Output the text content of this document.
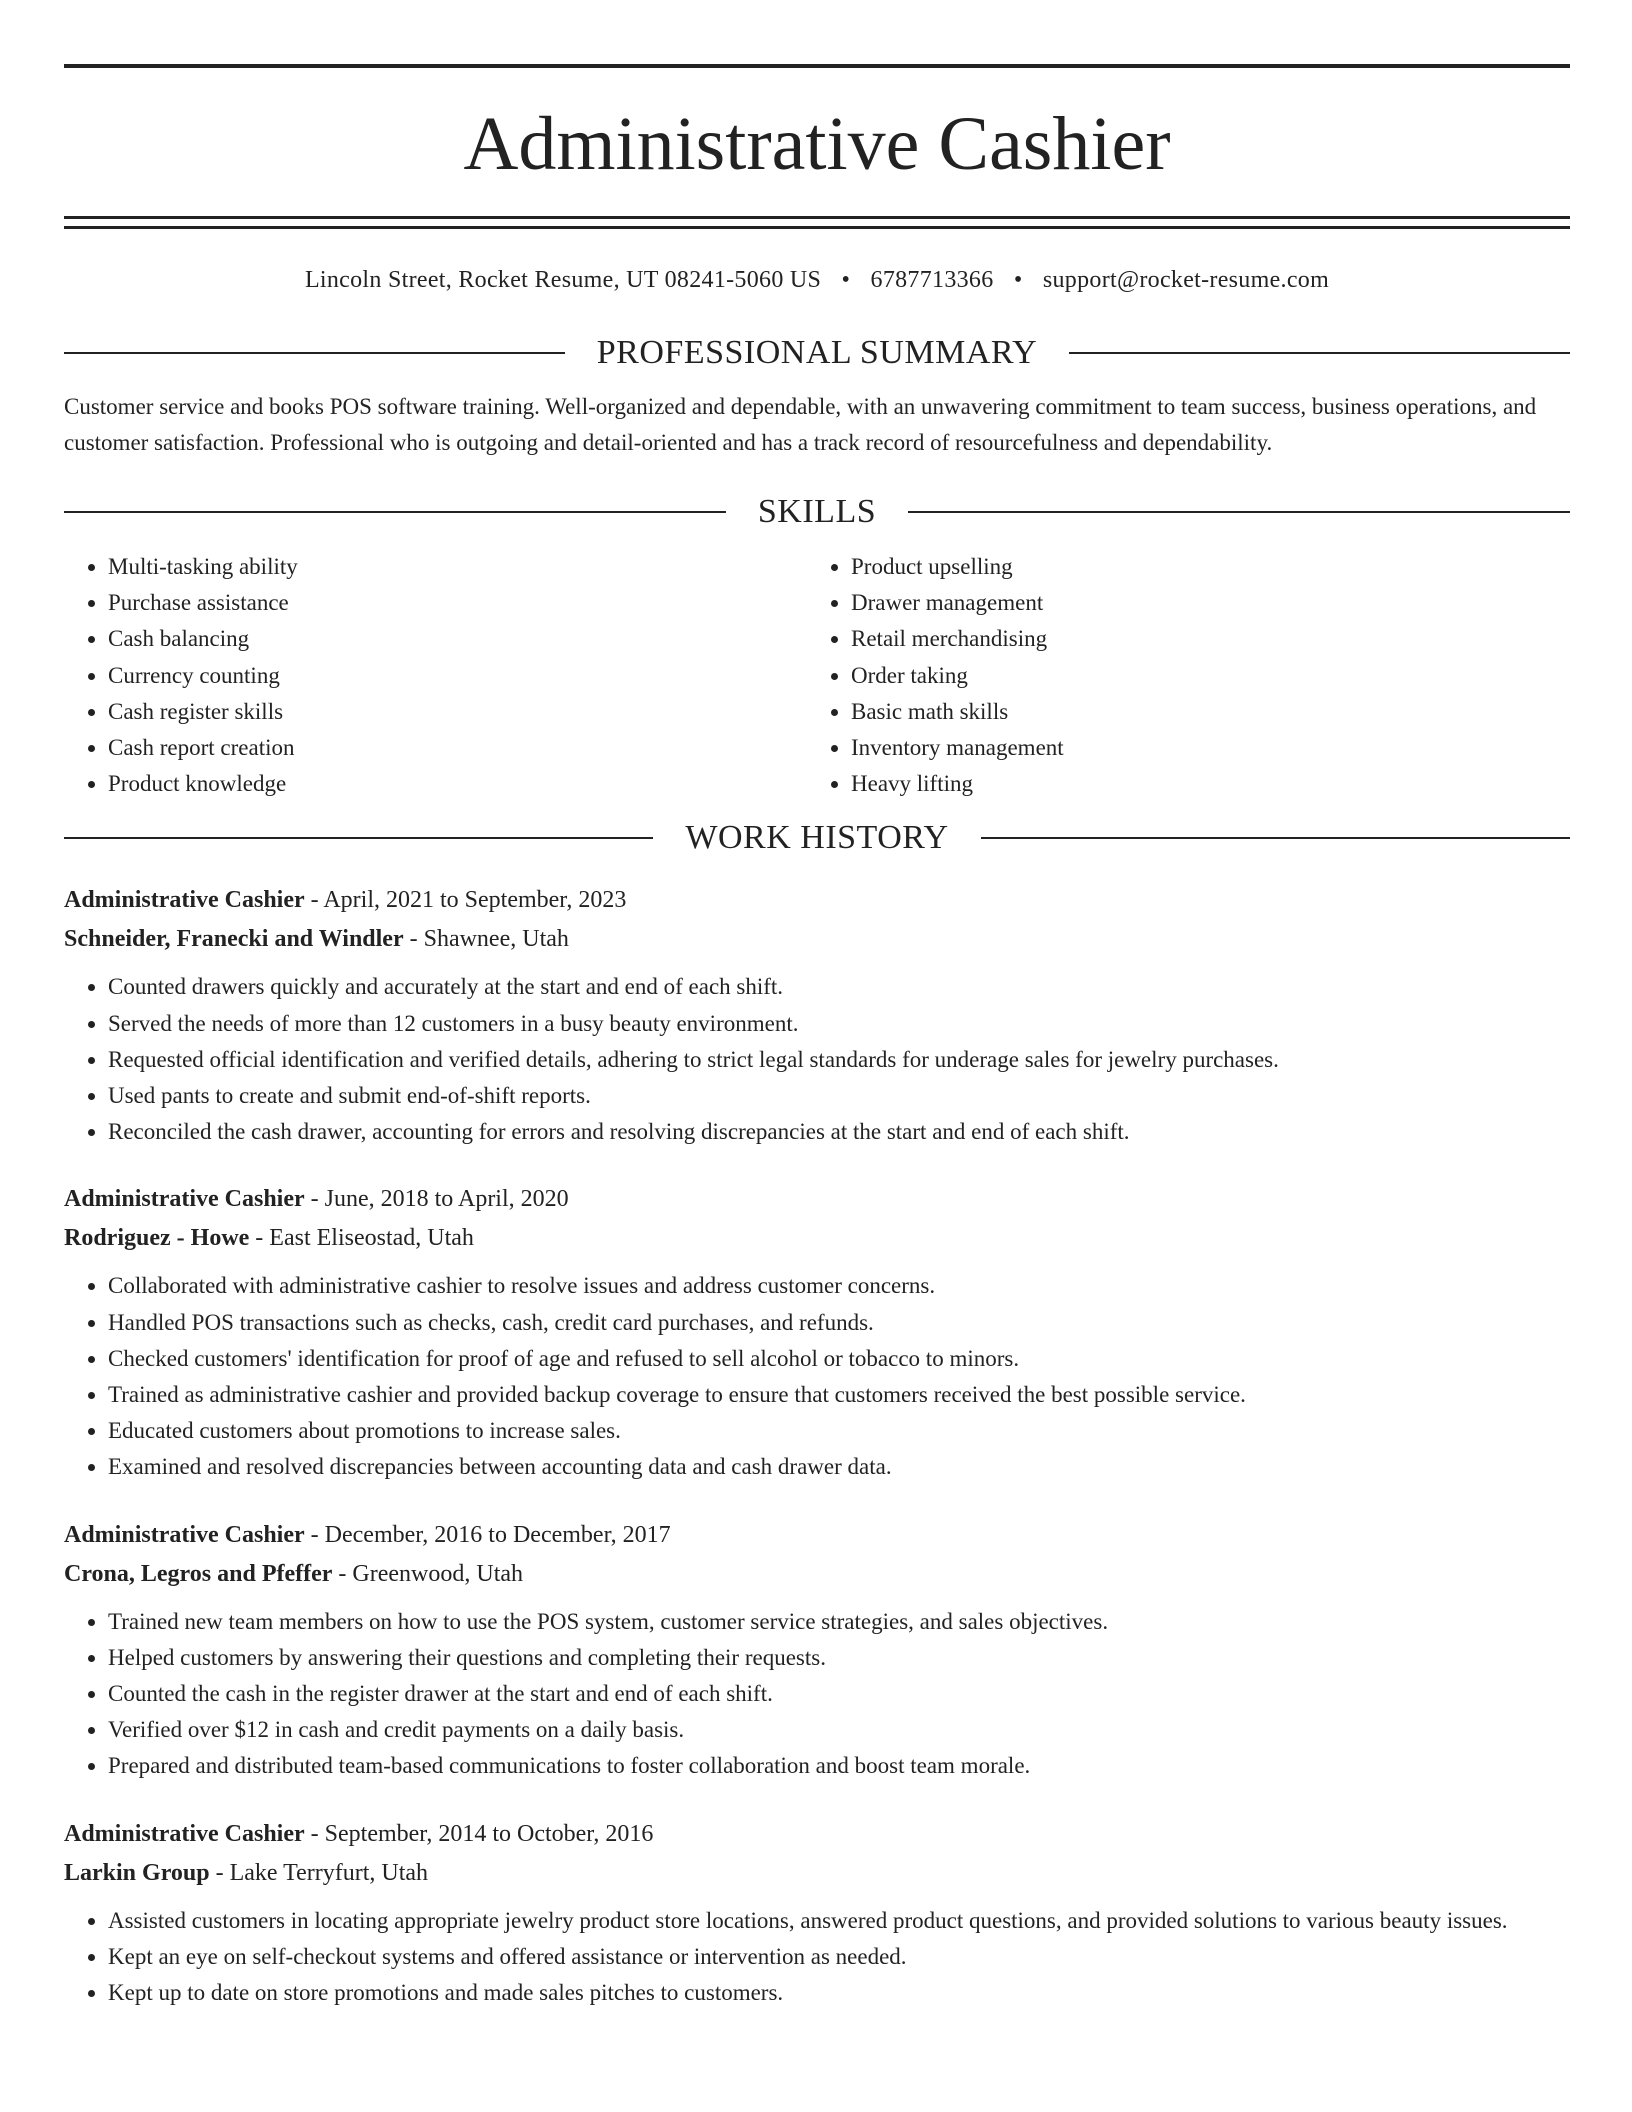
Administrative Cashier
Lincoln Street, Rocket Resume, UT 08241-5060 US • 6787713366 • support@rocket-resume.com
PROFESSIONAL SUMMARY
Customer service and books POS software training. Well-organized and dependable, with an unwavering commitment to team success, business operations, and customer satisfaction. Professional who is outgoing and detail-oriented and has a track record of resourcefulness and dependability.
SKILLS
• Multi-tasking ability
• Purchase assistance
• Cash balancing
• Currency counting
• Cash register skills
• Cash report creation
• Product knowledge
• Product upselling
• Drawer management
• Retail merchandising
• Order taking
• Basic math skills
• Inventory management
• Heavy lifting
WORK HISTORY
Administrative Cashier - April, 2021 to September, 2023
Schneider, Franecki and Windler - Shawnee, Utah
• Counted drawers quickly and accurately at the start and end of each shift.
• Served the needs of more than 12 customers in a busy beauty environment.
• Requested official identification and verified details, adhering to strict legal standards for underage sales for jewelry purchases.
• Used pants to create and submit end-of-shift reports.
• Reconciled the cash drawer, accounting for errors and resolving discrepancies at the start and end of each shift.
Administrative Cashier - June, 2018 to April, 2020
Rodriguez - Howe - East Eliseostad, Utah
• Collaborated with administrative cashier to resolve issues and address customer concerns.
• Handled POS transactions such as checks, cash, credit card purchases, and refunds.
• Checked customers' identification for proof of age and refused to sell alcohol or tobacco to minors.
• Trained as administrative cashier and provided backup coverage to ensure that customers received the best possible service.
• Educated customers about promotions to increase sales.
• Examined and resolved discrepancies between accounting data and cash drawer data.
Administrative Cashier - December, 2016 to December, 2017
Crona, Legros and Pfeffer - Greenwood, Utah
• Trained new team members on how to use the POS system, customer service strategies, and sales objectives.
• Helped customers by answering their questions and completing their requests.
• Counted the cash in the register drawer at the start and end of each shift.
• Verified over $12 in cash and credit payments on a daily basis.
• Prepared and distributed team-based communications to foster collaboration and boost team morale.
Administrative Cashier - September, 2014 to October, 2016
Larkin Group - Lake Terryfurt, Utah
• Assisted customers in locating appropriate jewelry product store locations, answered product questions, and provided solutions to various beauty issues.
• Kept an eye on self-checkout systems and offered assistance or intervention as needed.
• Kept up to date on store promotions and made sales pitches to customers.
